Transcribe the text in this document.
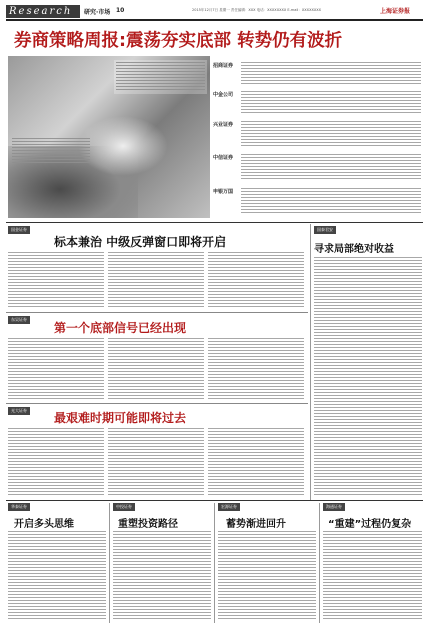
Research 研究·市场 10	2015年12月7日 星期一 责任编辑：XXX 电话：XXXXXXXX E-mail：XXXXXXXX	上海证券报
券商策略周报:震荡夯实底部 转势仍有波折
招商证券
中金公司
兴业证券
中信证券
申银万国
国金证券
标本兼治 中级反弹窗口即将开启
东吴证券
第一个底部信号已经出现
光大证券
最艰难时期可能即将过去
国泰君安
寻求局部绝对收益
华泰证券
开启多头思维
中投证券
重塑投资路径
宏源证券
蓄势渐进回升
海通证券
“重建”过程仍复杂
